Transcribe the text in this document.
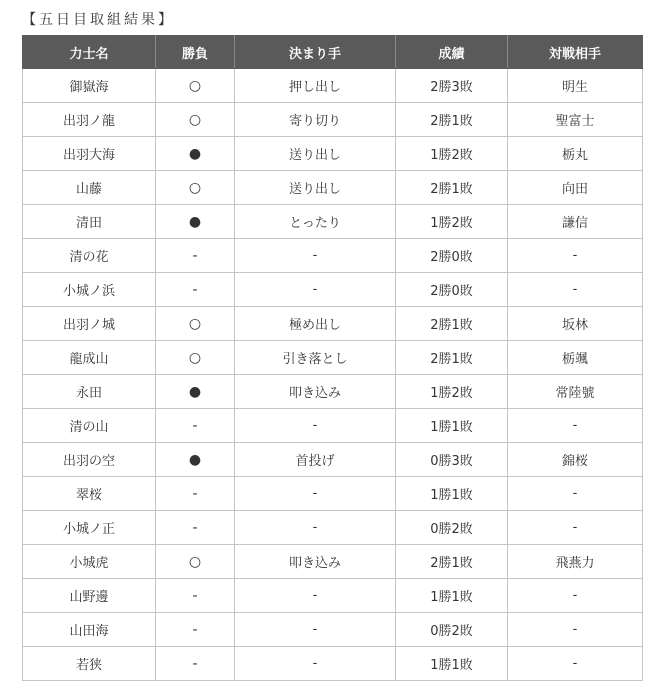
【五日目取組結果】
力士名	勝負	決まり手	成績	対戦相手
御嶽海	○	押し出し	2勝3敗	明生
出羽ノ龍	○	寄り切り	2勝1敗	聖富士
出羽大海	●	送り出し	1勝2敗	栃丸
山藤	○	送り出し	2勝1敗	向田
清田	●	とったり	1勝2敗	謙信
清の花	-	-	2勝0敗	-
小城ノ浜	-	-	2勝0敗	-
出羽ノ城	○	極め出し	2勝1敗	坂林
龍成山	○	引き落とし	2勝1敗	栃颯
永田	●	叩き込み	1勝2敗	常陸號
清の山	-	-	1勝1敗	-
出羽の空	●	首投げ	0勝3敗	錦桜
翠桜	-	-	1勝1敗	-
小城ノ正	-	-	0勝2敗	-
小城虎	○	叩き込み	2勝1敗	飛燕力
山野邊	-	-	1勝1敗	-
山田海	-	-	0勝2敗	-
若狭	-	-	1勝1敗	-
